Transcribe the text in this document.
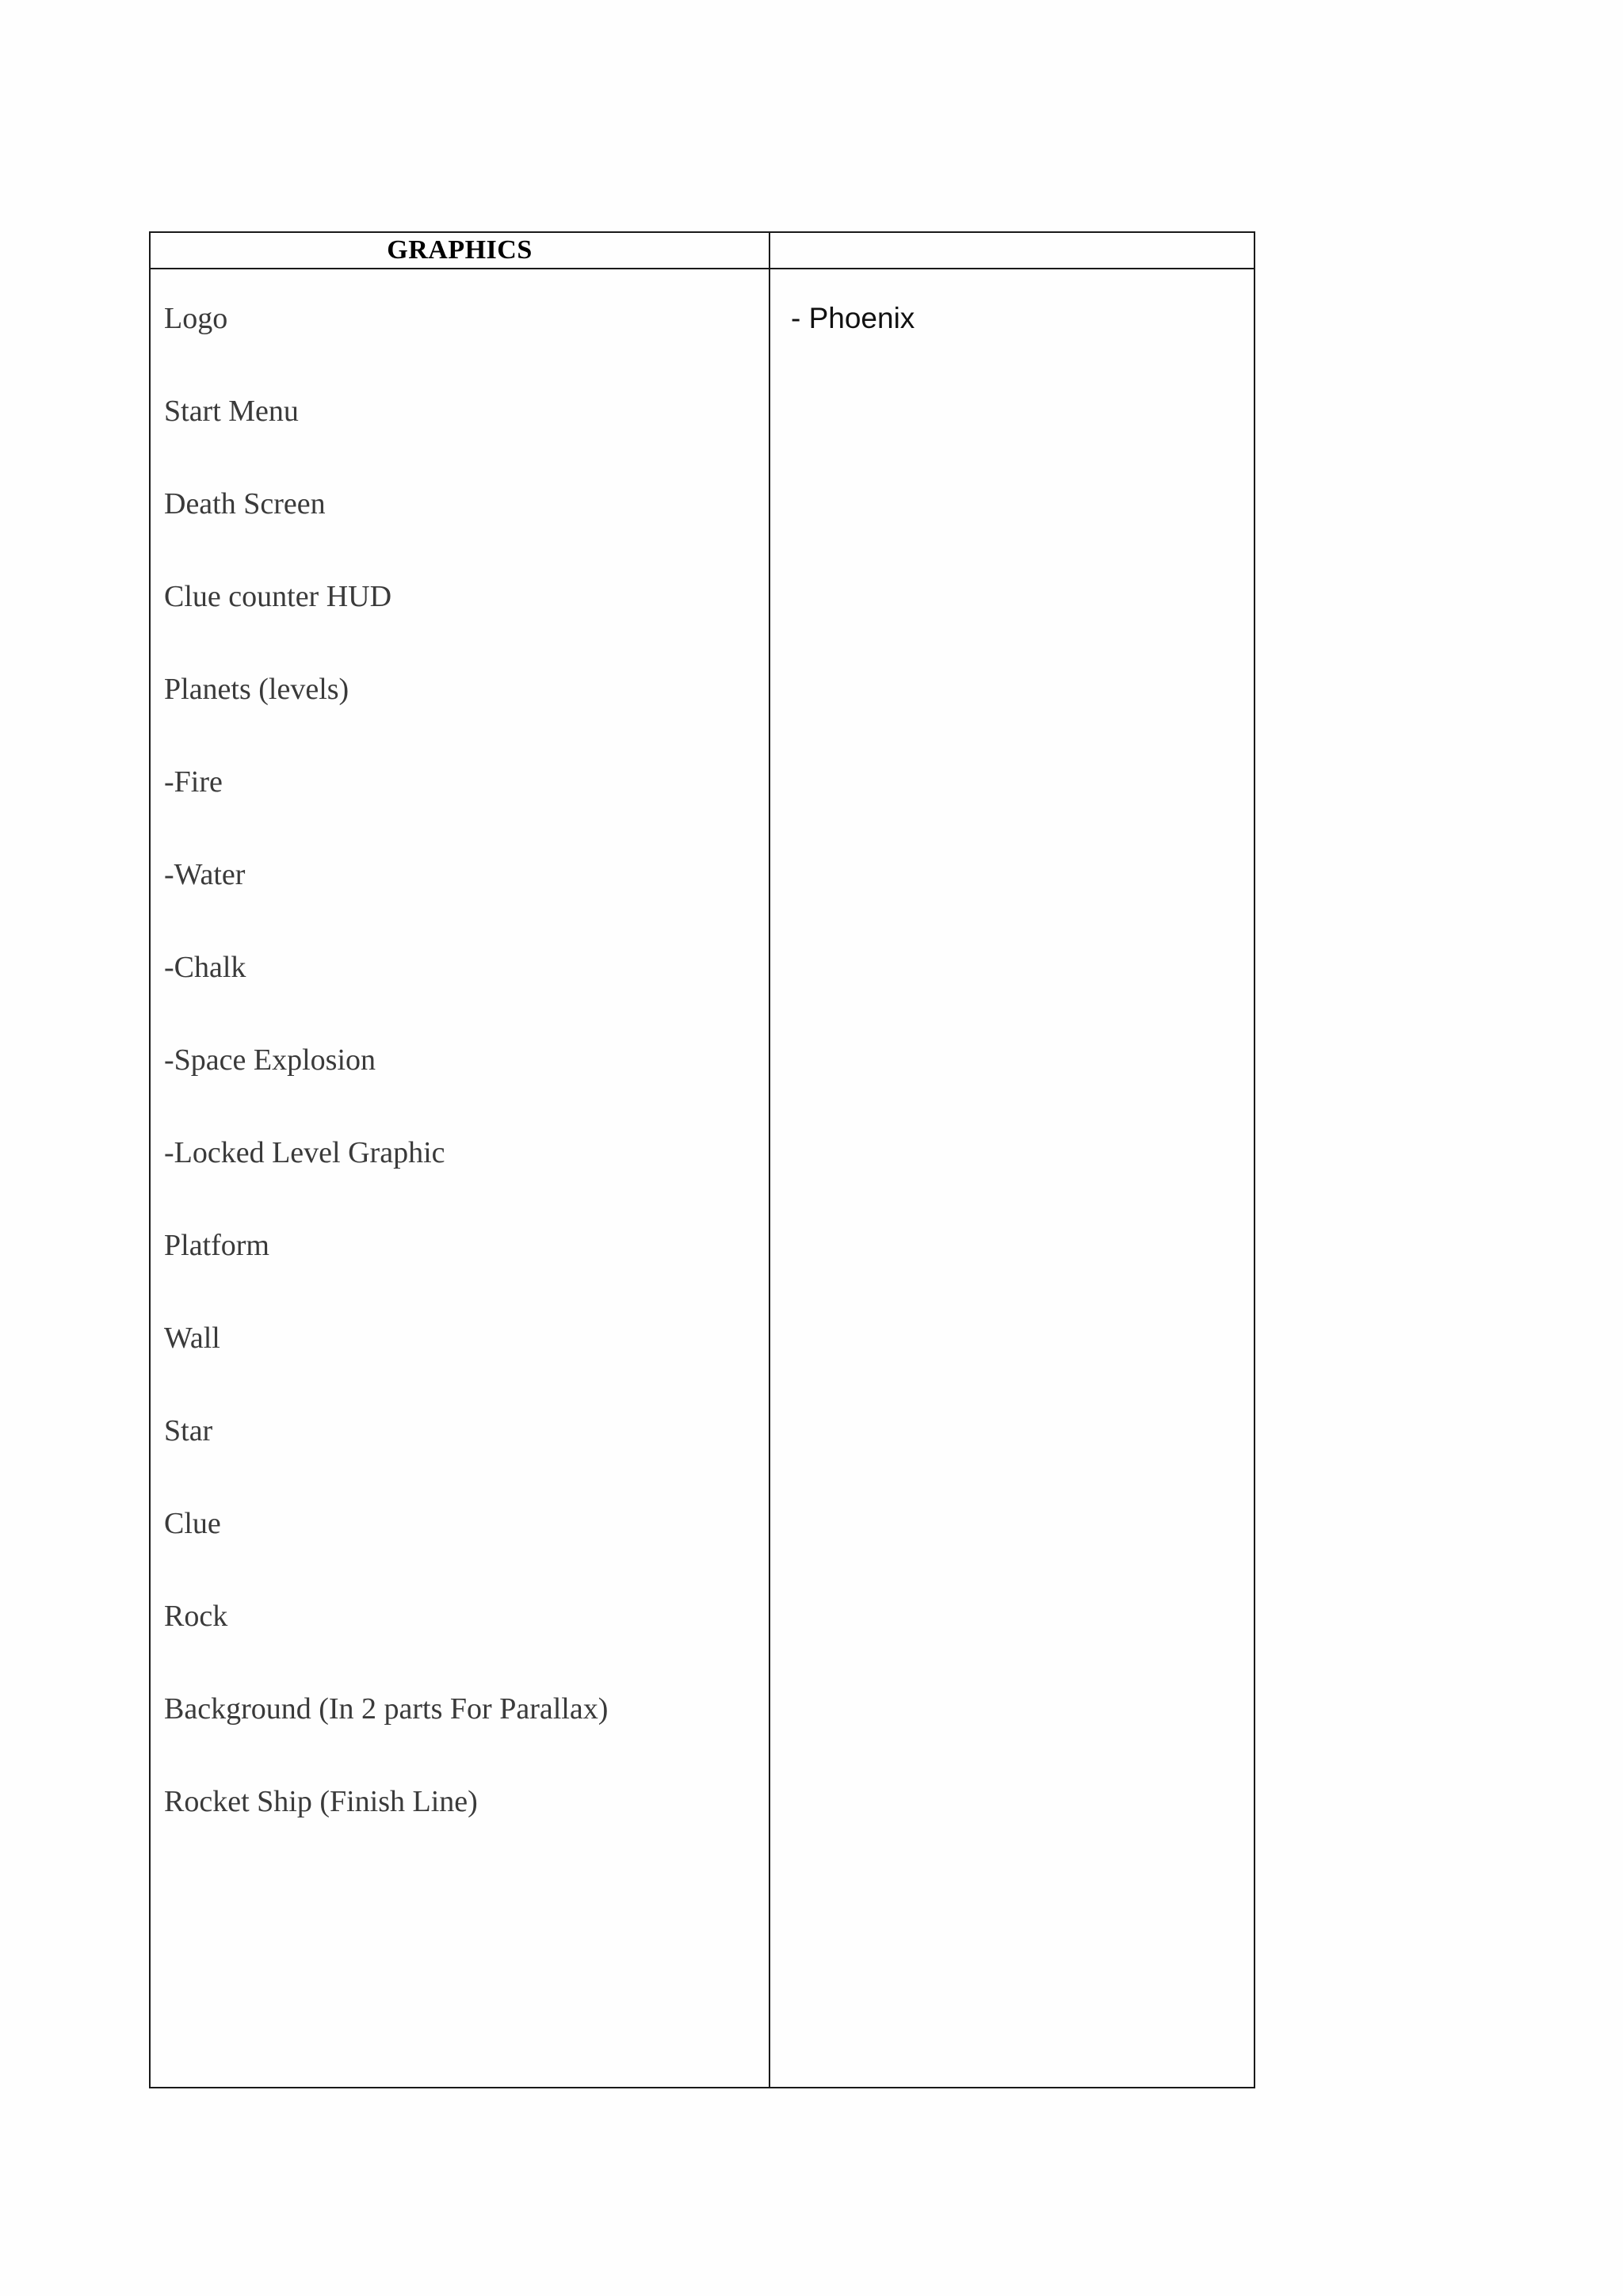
GRAPHICS
Logo
Start Menu
Death Screen
Clue counter HUD
Planets (levels)
-Fire
-Water
-Chalk
-Space Explosion
-Locked Level Graphic
Platform
Wall
Star
Clue
Rock
Background (In 2 parts For Parallax)
Rocket Ship (Finish Line)
- Phoenix
